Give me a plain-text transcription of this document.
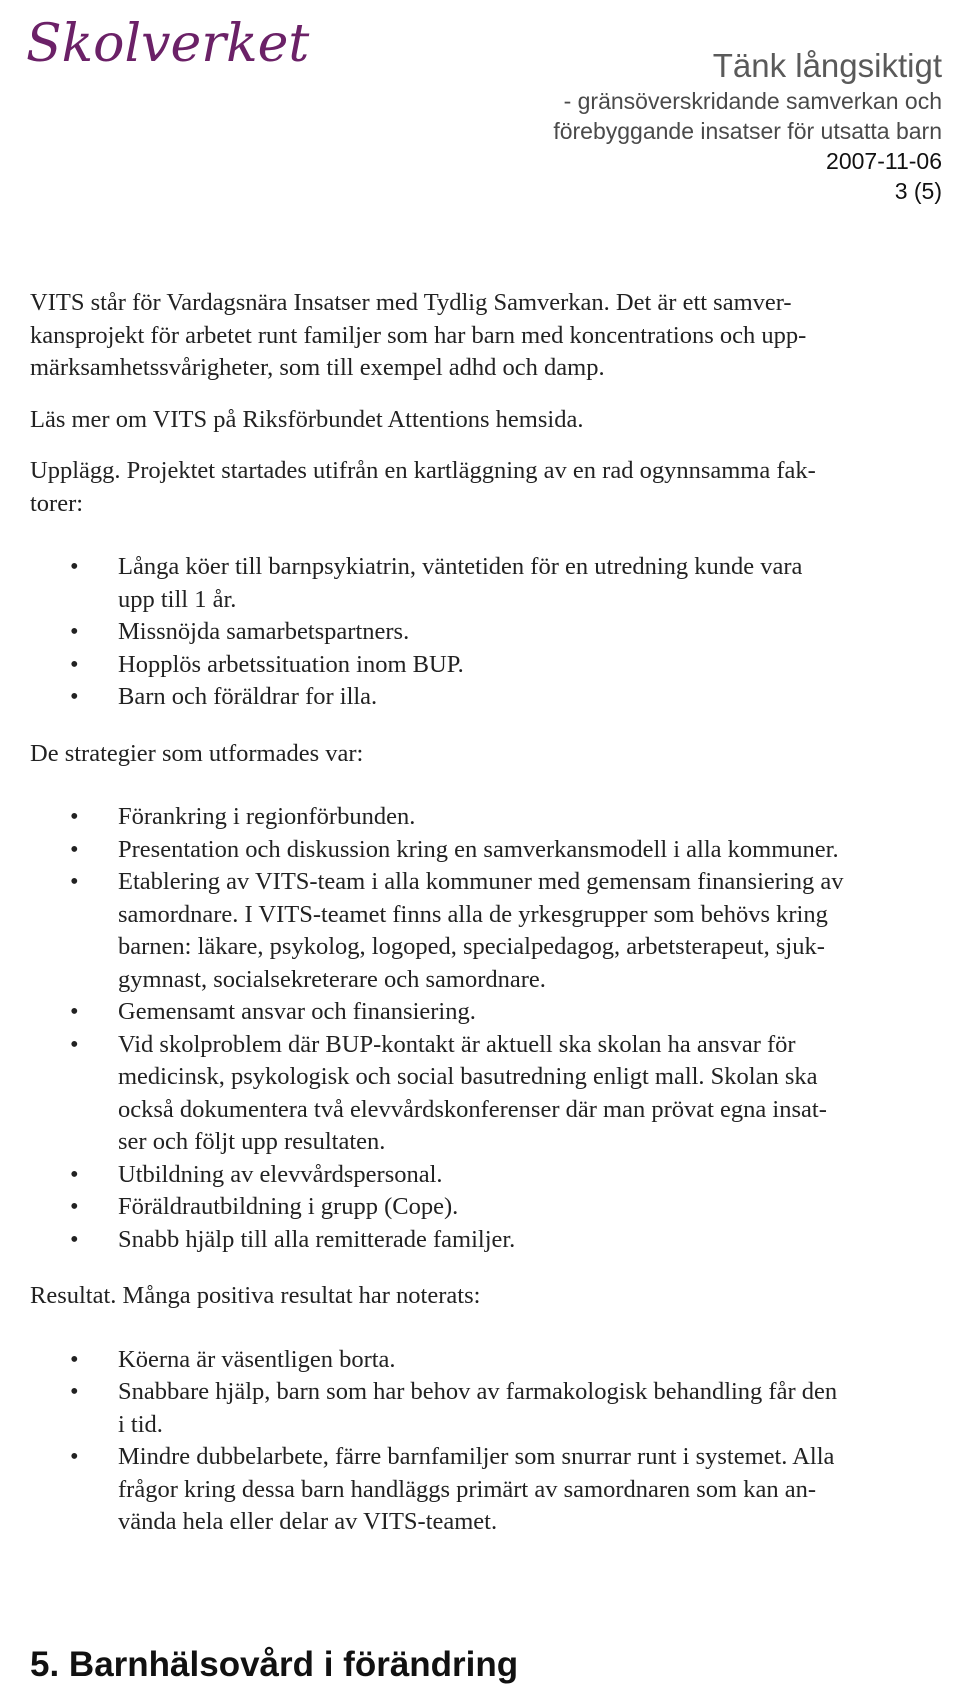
Skolverket	Tänk långsiktigt
- gränsöverskridande samverkan och
förebyggande insatser för utsatta barn
2007-11-06
3 (5)

VITS står för Vardagsnära Insatser med Tydlig Samverkan. Det är ett samver-
kansprojekt för arbetet runt familjer som har barn med koncentrations och upp-
märksamhetssvårigheter, som till exempel adhd och damp.

Läs mer om VITS på Riksförbundet Attentions hemsida.

Upplägg. Projektet startades utifrån en kartläggning av en rad ogynnsamma fak-
torer:

• Långa köer till barnpsykiatrin, väntetiden för en utredning kunde vara
upp till 1 år.
• Missnöjda samarbetspartners.
• Hopplös arbetssituation inom BUP.
• Barn och föräldrar for illa.

De strategier som utformades var:

• Förankring i regionförbunden.
• Presentation och diskussion kring en samverkansmodell i alla kommuner.
• Etablering av VITS-team i alla kommuner med gemensam finansiering av
samordnare. I VITS-teamet finns alla de yrkesgrupper som behövs kring
barnen: läkare, psykolog, logoped, specialpedagog, arbetsterapeut, sjuk-
gymnast, socialsekreterare och samordnare.
• Gemensamt ansvar och finansiering.
• Vid skolproblem där BUP-kontakt är aktuell ska skolan ha ansvar för
medicinsk, psykologisk och social basutredning enligt mall. Skolan ska
också dokumentera två elevvårdskonferenser där man prövat egna insat-
ser och följt upp resultaten.
• Utbildning av elevvårdspersonal.
• Föräldrautbildning i grupp (Cope).
• Snabb hjälp till alla remitterade familjer.

Resultat. Många positiva resultat har noterats:

• Köerna är väsentligen borta.
• Snabbare hjälp, barn som har behov av farmakologisk behandling får den
i tid.
• Mindre dubbelarbete, färre barnfamiljer som snurrar runt i systemet. Alla
frågor kring dessa barn handläggs primärt av samordnaren som kan an-
vända hela eller delar av VITS-teamet.
5. Barnhälsovård i förändring
